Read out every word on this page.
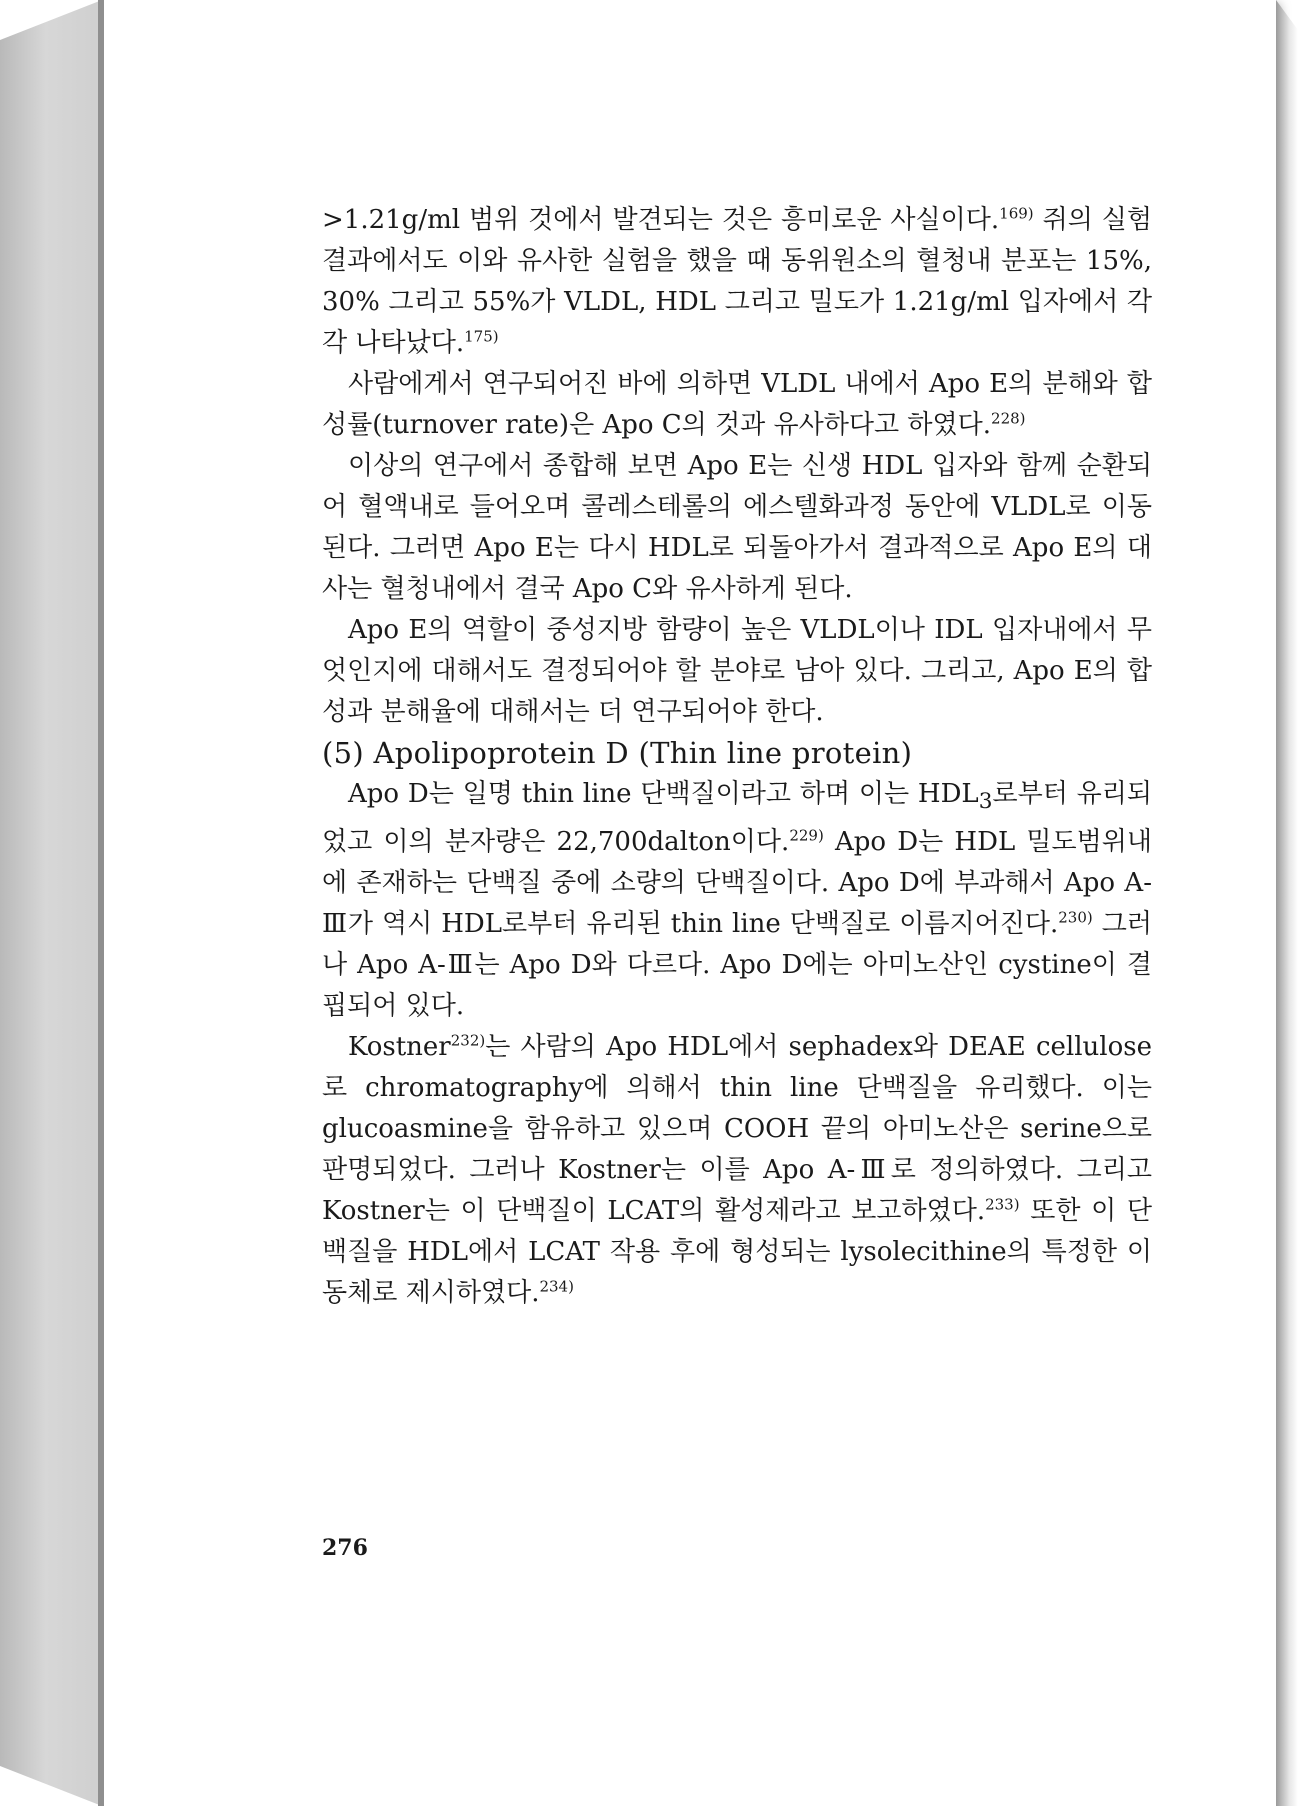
>1.21g/ml 범위 것에서 발견되는 것은 흥미로운 사실이다.$^{169)}$ 쥐의 실험결과에서도 이와 유사한 실험을 했을 때 동위원소의 혈청내 분포는 15%, 30% 그리고 55%가 VLDL, HDL 그리고 밀도가 1.21g/ml 입자에서 각각 나타났다.$^{175)}$

사람에게서 연구되어진 바에 의하면 VLDL 내에서 Apo E의 분해와 합성률(turnover rate)은 Apo C의 것과 유사하다고 하였다.$^{228)}$

이상의 연구에서 종합해 보면 Apo E는 신생 HDL 입자와 함께 순환되어 혈액내로 들어오며 콜레스테롤의 에스텔화과정 동안에 VLDL로 이동된다. 그러면 Apo E는 다시 HDL로 되돌아가서 결과적으로 Apo E의 대사는 혈청내에서 결국 Apo C와 유사하게 된다.

Apo E의 역할이 중성지방 함량이 높은 VLDL이나 IDL 입자내에서 무엇인지에 대해서도 결정되어야 할 분야로 남아 있다. 그리고, Apo E의 합성과 분해율에 대해서는 더 연구되어야 한다.

(5) Apolipoprotein D (Thin line protein)

Apo D는 일명 thin line 단백질이라고 하며 이는 $HDL_3$로부터 유리되었고 이의 분자량은 22,700dalton이다.$^{229)}$ Apo D는 HDL 밀도범위내에 존재하는 단백질 중에 소량의 단백질이다. Apo D에 부과해서 Apo A-Ⅲ가 역시 HDL로부터 유리된 thin line 단백질로 이름지어진다.$^{230)}$ 그러나 Apo A-Ⅲ는 Apo D와 다르다. Apo D에는 아미노산인 cystine이 결핍되어 있다.

Kostner$^{232)}$는 사람의 Apo HDL에서 sephadex와 DEAE cellulose로 chromatography에 의해서 thin line 단백질을 유리했다. 이는 glucoasmine을 함유하고 있으며 COOH 끝의 아미노산은 serine으로 판명되었다. 그러나 Kostner는 이를 Apo A-Ⅲ로 정의하였다. 그리고 Kostner는 이 단백질이 LCAT의 활성제라고 보고하였다.$^{233)}$ 또한 이 단백질을 HDL에서 LCAT 작용 후에 형성되는 lysolecithine의 특정한 이동체로 제시하였다.$^{234)}$

276
